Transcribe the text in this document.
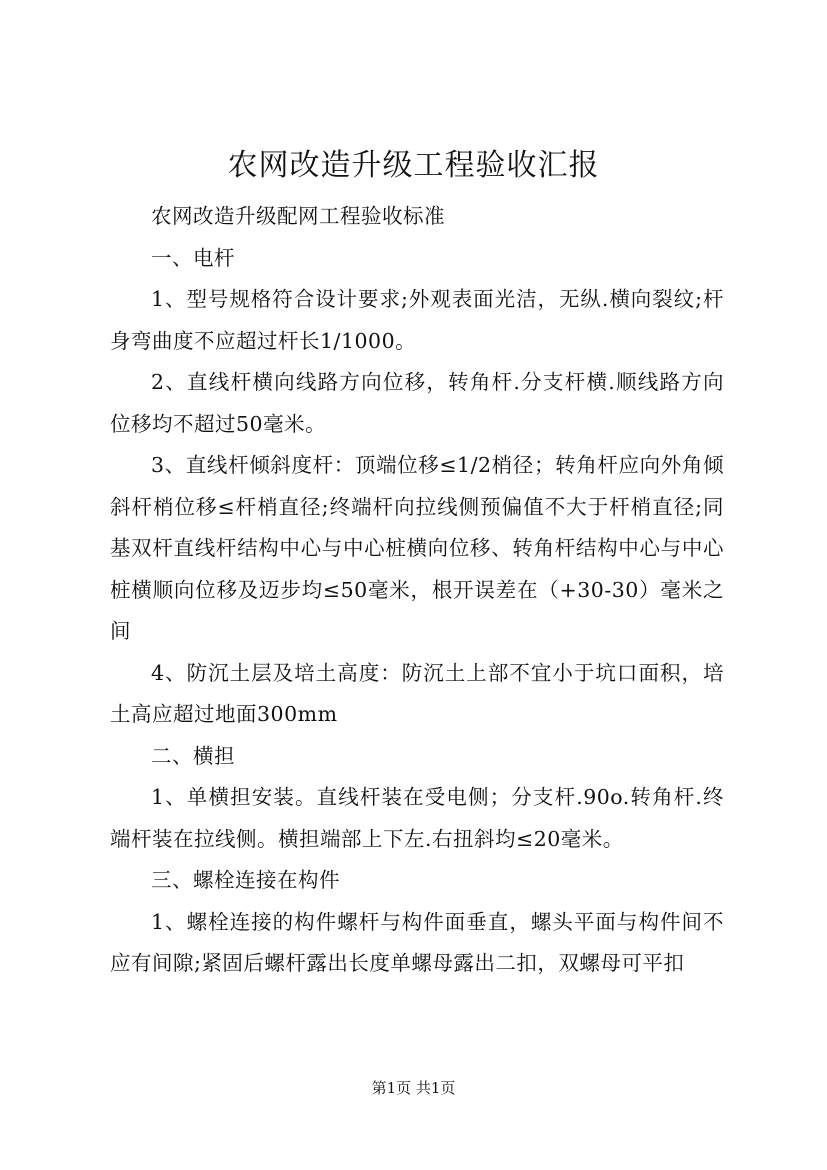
农网改造升级工程验收汇报

农网改造升级配网工程验收标准

一、电杆

1、型号规格符合设计要求;外观表面光洁，无纵.横向裂纹;杆身弯曲度不应超过杆长1/1000。

2、直线杆横向线路方向位移，转角杆.分支杆横.顺线路方向位移均不超过50毫米。

3、直线杆倾斜度杆：顶端位移≤1/2梢径；转角杆应向外角倾斜杆梢位移≤杆梢直径;终端杆向拉线侧预偏值不大于杆梢直径;同基双杆直线杆结构中心与中心桩横向位移、转角杆结构中心与中心桩横顺向位移及迈步均≤50毫米，根开误差在（+30-30）毫米之间

4、防沉土层及培土高度：防沉土上部不宜小于坑口面积，培土高应超过地面300mm

二、横担

1、单横担安装。直线杆装在受电侧；分支杆.90o.转角杆.终端杆装在拉线侧。横担端部上下左.右扭斜均≤20毫米。

三、螺栓连接在构件

1、螺栓连接的构件螺杆与构件面垂直，螺头平面与构件间不应有间隙;紧固后螺杆露出长度单螺母露出二扣，双螺母可平扣

第1页 共1页
